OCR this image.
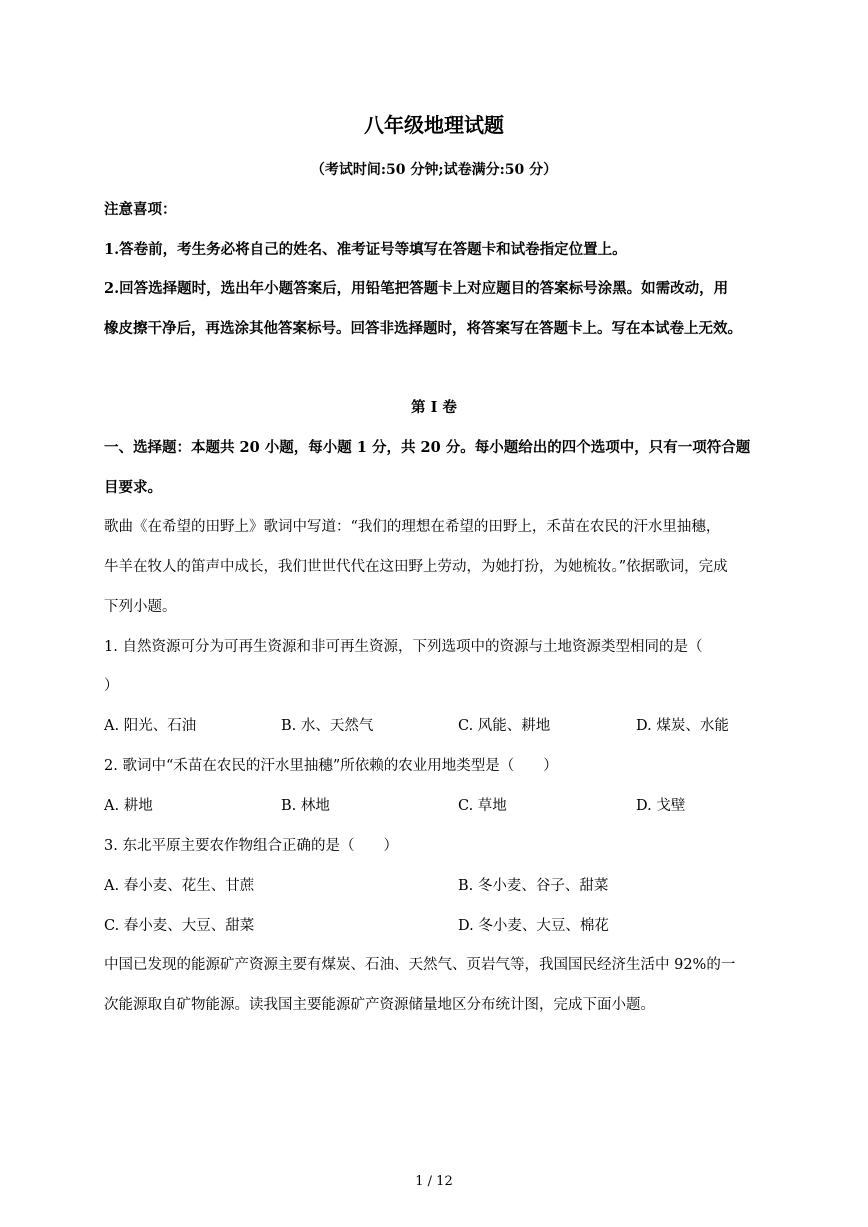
八年级地理试题
（考试时间:50 分钟;试卷满分:50 分）
注意喜项：
1.答卷前，考生务必将自己的姓名、准考证号等填写在答题卡和试卷指定位置上。
2.回答选择题时，选出年小题答案后，用铅笔把答题卡上对应题目的答案标号涂黑。如需改动，用
橡皮擦干净后，再选涂其他答案标号。回答非选择题时，将答案写在答题卡上。写在本试卷上无效。
第 I 卷
一、选择题：本题共 20 小题，每小题 1 分，共 20 分。每小题给出的四个选项中，只有一项符合题
目要求。
歌曲《在希望的田野上》歌词中写道：“我们的理想在希望的田野上，禾苗在农民的汗水里抽穗，
牛羊在牧人的笛声中成长，我们世世代代在这田野上劳动，为她打扮，为她梳妆。”依据歌词，完成
下列小题。
1. 自然资源可分为可再生资源和非可再生资源，下列选项中的资源与土地资源类型相同的是（
）
A. 阳光、石油	B. 水、天然气	C. 风能、耕地	D. 煤炭、水能
2. 歌词中“禾苗在农民的汗水里抽穗”所依赖的农业用地类型是（　　）
A. 耕地	B. 林地	C. 草地	D. 戈壁
3. 东北平原主要农作物组合正确的是（　　）
A. 春小麦、花生、甘蔗	B. 冬小麦、谷子、甜菜
C. 春小麦、大豆、甜菜	D. 冬小麦、大豆、棉花
中国已发现的能源矿产资源主要有煤炭、石油、天然气、页岩气等，我国国民经济生活中 92%的一
次能源取自矿物能源。读我国主要能源矿产资源储量地区分布统计图，完成下面小题。
1 / 12
